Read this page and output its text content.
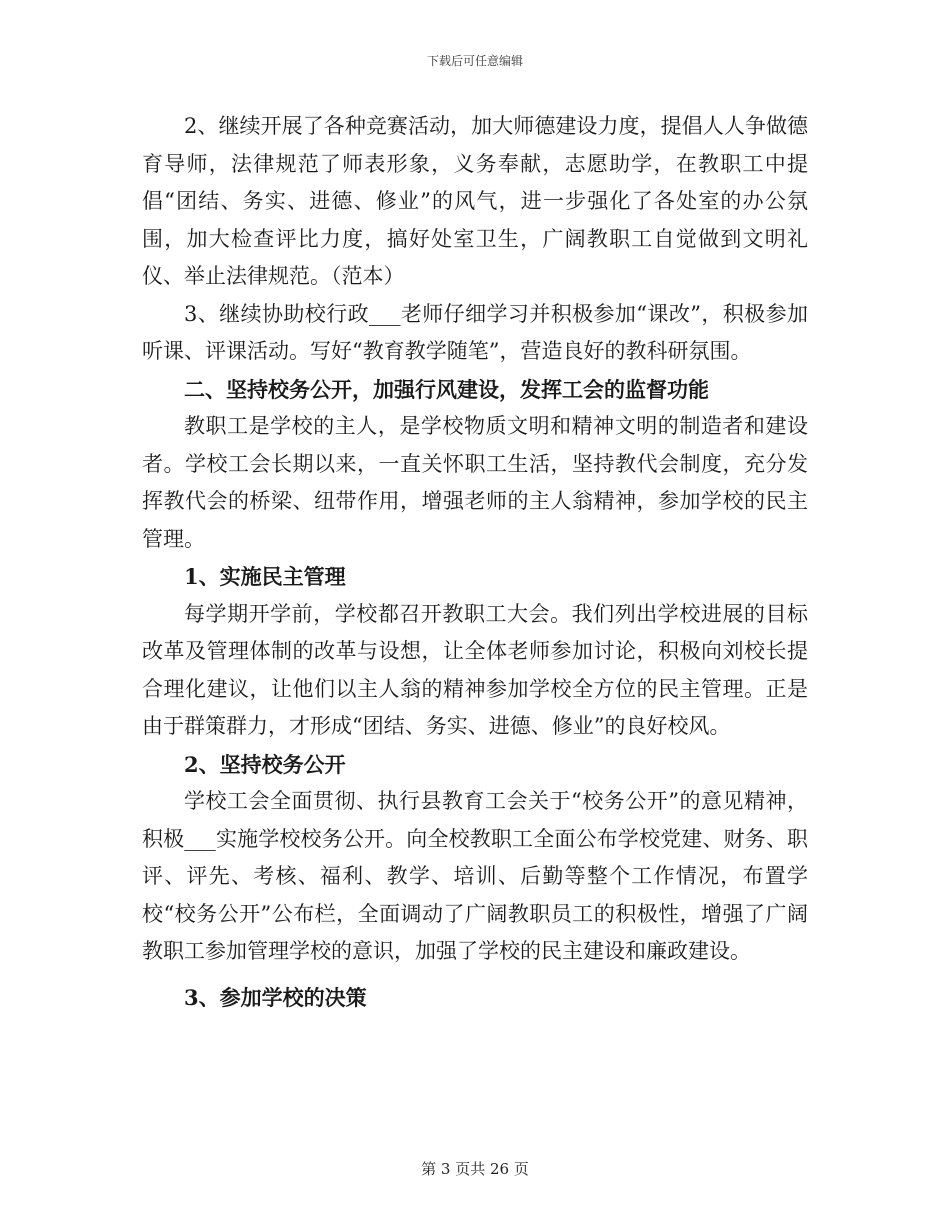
下载后可任意编辑

2、继续开展了各种竞赛活动，加大师德建设力度，提倡人人争做德育导师，法律规范了师表形象，义务奉献，志愿助学，在教职工中提倡“团结、务实、进德、修业”的风气，进一步强化了各处室的办公氛围，加大检查评比力度，搞好处室卫生，广阔教职工自觉做到文明礼仪、举止法律规范。（范本）

3、继续协助校行政___老师仔细学习并积极参加“课改”，积极参加听课、评课活动。写好“教育教学随笔”，营造良好的教科研氛围。

二、坚持校务公开，加强行风建设，发挥工会的监督功能

教职工是学校的主人，是学校物质文明和精神文明的制造者和建设者。学校工会长期以来，一直关怀职工生活，坚持教代会制度，充分发挥教代会的桥梁、纽带作用，增强老师的主人翁精神，参加学校的民主管理。

1、实施民主管理

每学期开学前，学校都召开教职工大会。我们列出学校进展的目标改革及管理体制的改革与设想，让全体老师参加讨论，积极向刘校长提合理化建议，让他们以主人翁的精神参加学校全方位的民主管理。正是由于群策群力，才形成“团结、务实、进德、修业”的良好校风。

2、坚持校务公开

学校工会全面贯彻、执行县教育工会关于“校务公开”的意见精神，积极___实施学校校务公开。向全校教职工全面公布学校党建、财务、职评、评先、考核、福利、教学、培训、后勤等整个工作情况，布置学校“校务公开”公布栏，全面调动了广阔教职员工的积极性，增强了广阔教职工参加管理学校的意识，加强了学校的民主建设和廉政建设。

3、参加学校的决策

第 3 页共 26 页
